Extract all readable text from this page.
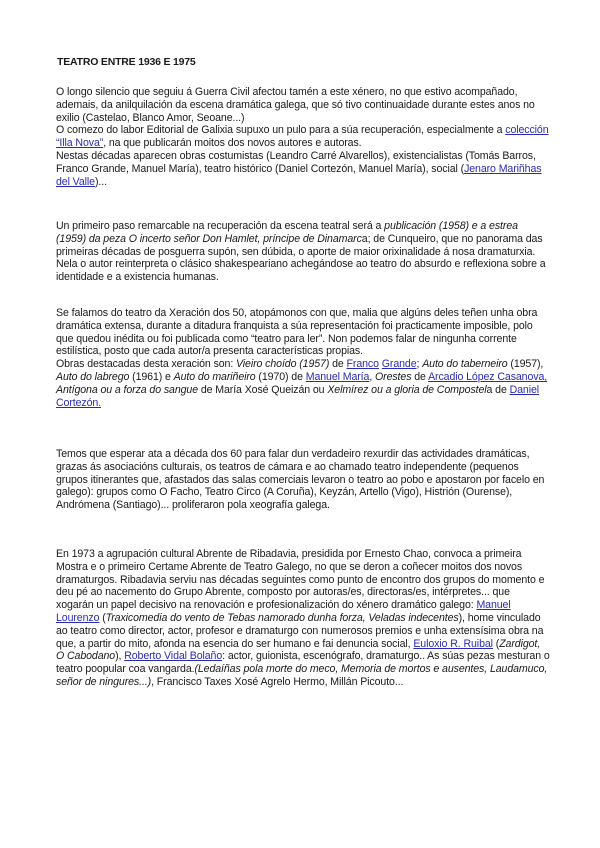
TEATRO ENTRE 1936 E 1975

O longo silencio que seguiu á Guerra Civil afectou tamén a este xénero, no que estivo acompañado, ademais, da anilquilación da escena dramática galega, que só tivo continuaidade durante estes anos no exilio (Castelao, Blanco Amor, Seoane...)

O comezo do labor Editorial de Galixia supuxo un pulo para a súa recuperación, especialmente a colección “Illa Nova”, na que publicarán moitos dos novos autores e autoras.

Nestas décadas aparecen obras costumistas (Leandro Carré Alvarellos), existencialistas (Tomás Barros, Franco Grande, Manuel María), teatro histórico (Daniel Cortezón, Manuel María), social (Jenaro Mariñhas del Valle)...

Un primeiro paso remarcable na recuperación da escena teatral será a publicación (1958) e a estrea (1959) da peza O incerto señor Don Hamlet, príncipe de Dinamarca; de Cunqueiro, que no panorama das primeiras décadas de posguerra supón, sen dúbida, o aporte de maior orixinalidade á nosa dramaturxia. Nela o autor reinterpreta o clásico shakespeariano achegándose ao teatro do absurdo e reflexiona sobre a identidade e a existencia humanas.

Se falamos do teatro da Xeración dos 50, atopámonos con que, malia que algúns deles teñen unha obra dramática extensa, durante a ditadura franquista a súa representación foi practicamente imposible, polo que quedou inédita ou foi publicada como “teatro para ler”. Non podemos falar de ningunha corrente estilística, posto que cada autor/a presenta características propias.

Obras destacadas desta xeración son: Vieiro choído (1957) de Franco Grande; Auto do taberneiro (1957), Auto do labrego (1961) e Auto do mariñeiro (1970) de Manuel María, Orestes de Arcadio López Casanova,
Antígona ou a forza do sangue de María Xosé Queizán ou Xelmírez ou a gloria de Compostela de Daniel Cortezón.

Temos que esperar ata a década dos 60 para falar dun verdadeiro rexurdir das actividades dramáticas, grazas ás asociacións culturais, os teatros de cámara e ao chamado teatro independente (pequenos grupos itinerantes que, afastados das salas comerciais levaron o teatro ao pobo e apostaron por facelo en galego): grupos como O Facho, Teatro Circo (A Coruña), Keyzán, Artello (Vigo), Histrión (Ourense), Andrómena (Santiago)... proliferaron pola xeografía galega.

En 1973 a agrupación cultural Abrente de Ribadavia, presidida por Ernesto Chao, convoca a primeira Mostra e o primeiro Certame Abrente de Teatro Galego, no que se deron a coñecer moitos dos novos dramaturgos. Ribadavia serviu nas décadas seguintes como punto de encontro dos grupos do momento e deu pé ao nacemento do Grupo Abrente, composto por autoras/es, directoras/es, intérpretes... que xogarán un papel decisivo na renovación e profesionalización do xénero dramático galego: Manuel Lourenzo (Traxicomedia do vento de Tebas namorado dunha forza, Veladas indecentes), home vinculado ao teatro como director, actor, profesor e dramaturgo con numerosos premios e unha extensísima obra na que, a partir do mito, afonda na esencia do ser humano e fai denuncia social, Euloxio R. Ruibal (Zardigot, O Cabodano), Roberto Vidal Bolaño: actor, guionista, escenógrafo, dramaturgo.. As súas pezas mesturan o teatro poopular coa vangarda.(Ledaíñas pola morte do meco, Memoria de mortos e ausentes, Laudamuco, señor de ningures...), Francisco Taxes Xosé Agrelo Hermo, Millán Picouto...
